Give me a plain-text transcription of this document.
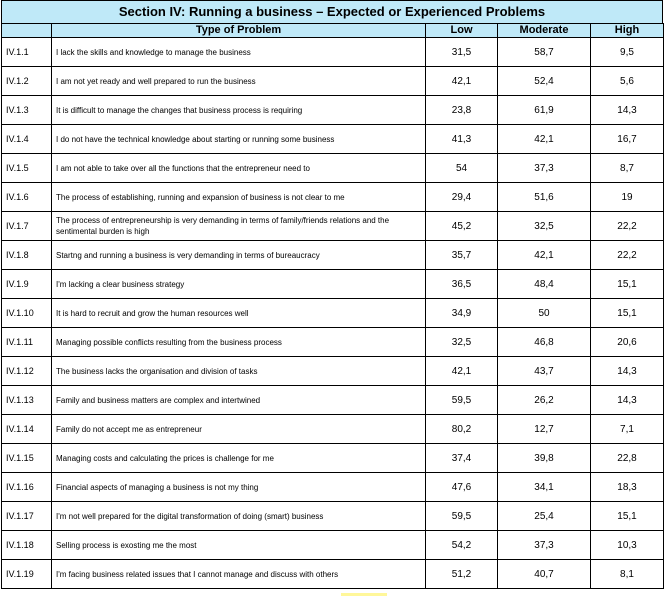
Section IV: Running a business – Expected or Experienced Problems
	Type of Problem	Low	Moderate	High
IV.1.1	I lack the skills and knowledge to manage the business	31,5	58,7	9,5
IV.1.2	I am not yet ready and well prepared to run the business	42,1	52,4	5,6
IV.1.3	It is difficult to manage the changes that business process is requiring	23,8	61,9	14,3
IV.1.4	I do not have the technical knowledge about starting or running some business	41,3	42,1	16,7
IV.1.5	I am not able to take over all the functions that the entrepreneur need to	54	37,3	8,7
IV.1.6	The process of establishing, running and expansion of business is not clear to me	29,4	51,6	19
IV.1.7	The process of entrepreneurship is very demanding in terms of family/friends relations and the sentimental burden is high	45,2	32,5	22,2
IV.1.8	Startng and running a business is very demanding in terms of bureaucracy	35,7	42,1	22,2
IV.1.9	I'm lacking a clear business strategy	36,5	48,4	15,1
IV.1.10	It is hard to recruit and grow the human resources well	34,9	50	15,1
IV.1.11	Managing possible conflicts resulting from the business process	32,5	46,8	20,6
IV.1.12	The business lacks the organisation and division of tasks	42,1	43,7	14,3
IV.1.13	Family and business matters are complex and intertwined	59,5	26,2	14,3
IV.1.14	Family do not accept me as entrepreneur	80,2	12,7	7,1
IV.1.15	Managing costs and calculating the prices is challenge for me	37,4	39,8	22,8
IV.1.16	Financial aspects of managing a business is not my thing	47,6	34,1	18,3
IV.1.17	I'm not well prepared for the digital transformation of doing (smart) business	59,5	25,4	15,1
IV.1.18	Selling process is exosting me the most	54,2	37,3	10,3
IV.1.19	I'm facing business related issues that I cannot manage and discuss with others	51,2	40,7	8,1
